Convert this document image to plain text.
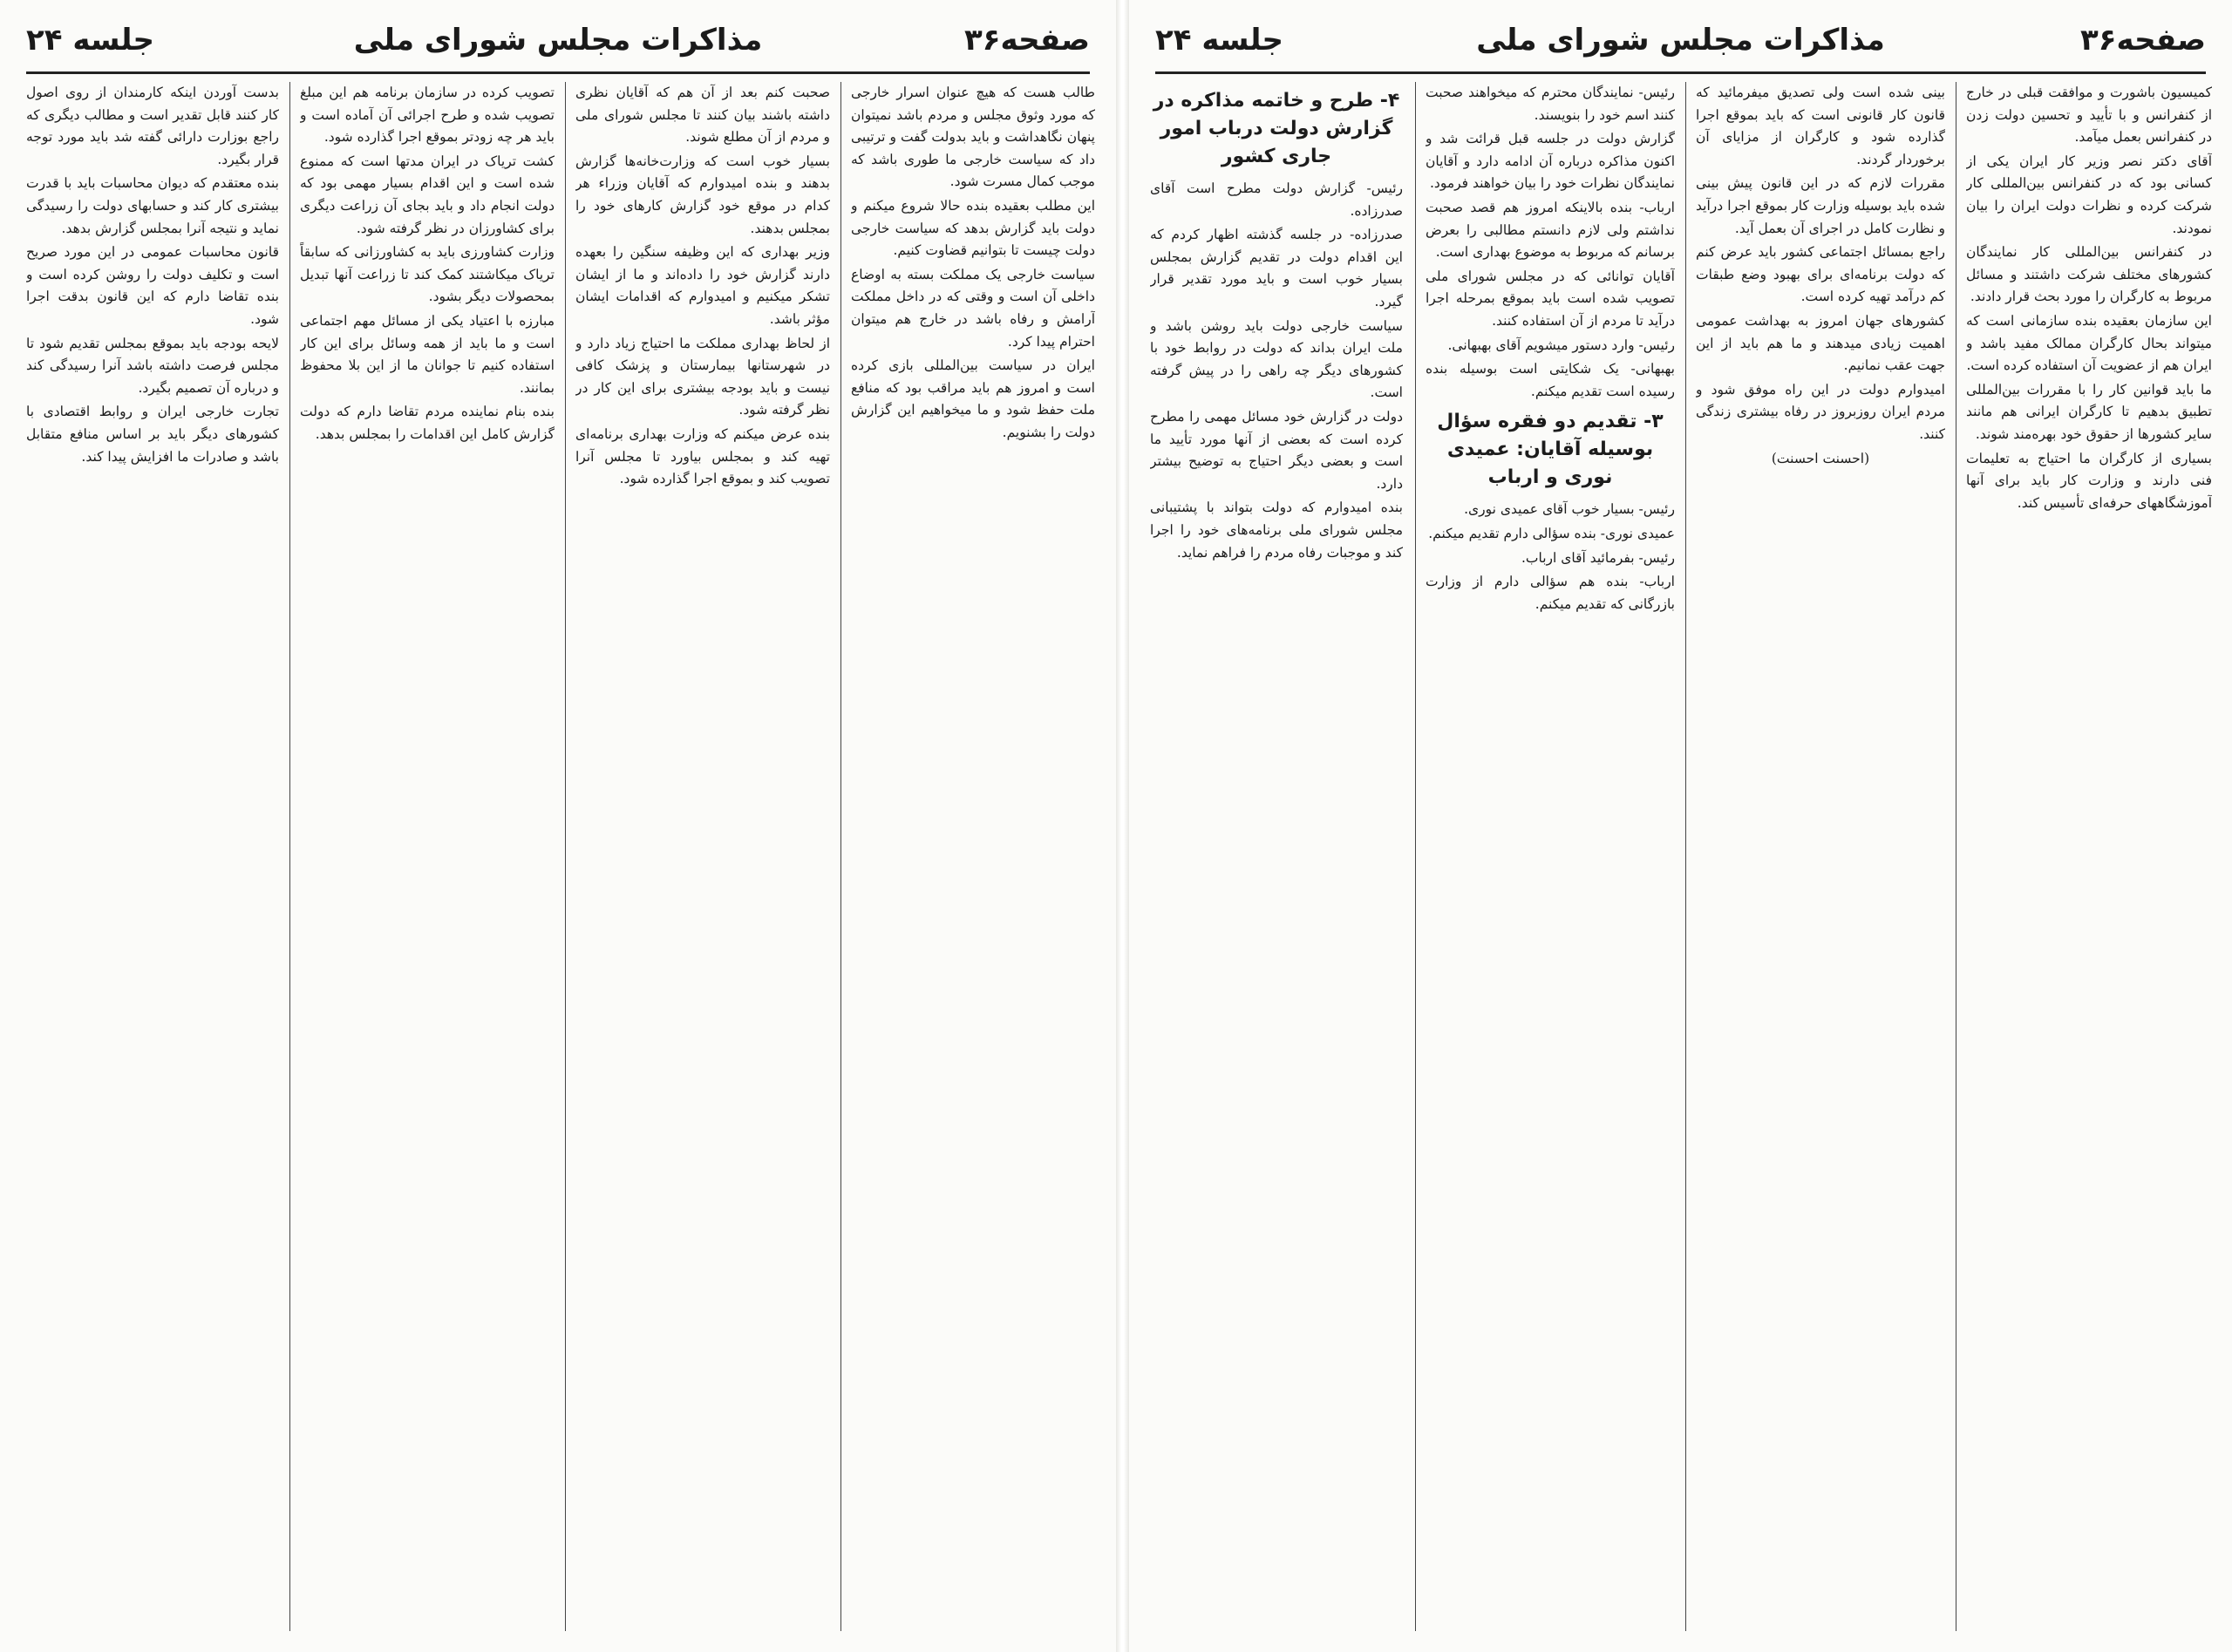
صفحه۳۶
مذاکرات مجلس شورای ملی
جلسه ۲۴

طالب هست که هیچ عنوان اسرار خارجی که مورد وثوق مجلس و مردم باشد نمیتوان پنهان نگاهداشت و باید بدولت گفت و ترتیبی داد که سیاست خارجی ما طوری باشد که موجب کمال مسرت شود.

این مطلب بعقیده بنده حالا شروع میکنم و دولت باید گزارش بدهد که سیاست خارجی دولت چیست تا بتوانیم قضاوت کنیم.

سیاست خارجی یک مملکت بسته به اوضاع داخلی آن است و وقتی که در داخل مملکت آرامش و رفاه باشد در خارج هم میتوان احترام پیدا کرد.

ایران در سیاست بین‌المللی بازی کرده است و امروز هم باید مراقب بود که منافع ملت حفظ شود و ما میخواهیم این گزارش دولت را بشنویم.

صحبت کنم بعد از آن هم که آقایان نظری داشته باشند بیان کنند تا مجلس شورای ملی و مردم از آن مطلع شوند.

بسیار خوب است که وزارت‌خانه‌ها گزارش بدهند و بنده امیدوارم که آقایان وزراء هر کدام در موقع خود گزارش کارهای خود را بمجلس بدهند.

وزیر بهداری که این وظیفه سنگین را بعهده دارند گزارش خود را داده‌اند و ما از ایشان تشکر میکنیم و امیدوارم که اقدامات ایشان مؤثر باشد.

از لحاظ بهداری مملکت ما احتیاج زیاد دارد و در شهرستانها بیمارستان و پزشک کافی نیست و باید بودجه بیشتری برای این کار در نظر گرفته شود.

بنده عرض میکنم که وزارت بهداری برنامه‌ای تهیه کند و بمجلس بیاورد تا مجلس آنرا تصویب کند و بموقع اجرا گذارده شود.

تصویب کرده در سازمان برنامه هم این مبلغ تصویب شده و طرح اجرائی آن آماده است و باید هر چه زودتر بموقع اجرا گذارده شود.

کشت تریاک در ایران مدتها است که ممنوع شده است و این اقدام بسیار مهمی بود که دولت انجام داد و باید بجای آن زراعت دیگری برای کشاورزان در نظر گرفته شود.

وزارت کشاورزی باید به کشاورزانی که سابقاً تریاک میکاشتند کمک کند تا زراعت آنها تبدیل بمحصولات دیگر بشود.

مبارزه با اعتیاد یکی از مسائل مهم اجتماعی است و ما باید از همه وسائل برای این کار استفاده کنیم تا جوانان ما از این بلا محفوظ بمانند.

بنده بنام نماینده مردم تقاضا دارم که دولت گزارش کامل این اقدامات را بمجلس بدهد.

بدست آوردن اینکه کارمندان از روی اصول کار کنند قابل تقدیر است و مطالب دیگری که راجع بوزارت دارائی گفته شد باید مورد توجه قرار بگیرد.

بنده معتقدم که دیوان محاسبات باید با قدرت بیشتری کار کند و حسابهای دولت را رسیدگی نماید و نتیجه آنرا بمجلس گزارش بدهد.

قانون محاسبات عمومی در این مورد صریح است و تکلیف دولت را روشن کرده است و بنده تقاضا دارم که این قانون بدقت اجرا شود.

لایحه بودجه باید بموقع بمجلس تقدیم شود تا مجلس فرصت داشته باشد آنرا رسیدگی کند و درباره آن تصمیم بگیرد.

تجارت خارجی ایران و روابط اقتصادی با کشورهای دیگر باید بر اساس منافع متقابل باشد و صادرات ما افزایش پیدا کند.

صفحه۳۶
مذاکرات مجلس شورای ملی
جلسه ۲۴

کمیسیون باشورت و موافقت قبلی در خارج از کنفرانس و با تأیید و تحسین دولت زدن در کنفرانس بعمل میآمد.

آقای دکتر نصر وزیر کار ایران یکی از کسانی بود که در کنفرانس بین‌المللی کار شرکت کرده و نظرات دولت ایران را بیان نمودند.

در کنفرانس بین‌المللی کار نمایندگان کشورهای مختلف شرکت داشتند و مسائل مربوط به کارگران را مورد بحث قرار دادند.

این سازمان بعقیده بنده سازمانی است که میتواند بحال کارگران ممالک مفید باشد و ایران هم از عضویت آن استفاده کرده است.

ما باید قوانین کار را با مقررات بین‌المللی تطبیق بدهیم تا کارگران ایرانی هم مانند سایر کشورها از حقوق خود بهره‌مند شوند.

بسیاری از کارگران ما احتیاج به تعلیمات فنی دارند و وزارت کار باید برای آنها آموزشگاههای حرفه‌ای تأسیس کند.

بینی شده است ولی تصدیق میفرمائید که قانون کار قانونی است که باید بموقع اجرا گذارده شود و کارگران از مزایای آن برخوردار گردند.

مقررات لازم که در این قانون پیش بینی شده باید بوسیله وزارت کار بموقع اجرا درآید و نظارت کامل در اجرای آن بعمل آید.

راجع بمسائل اجتماعی کشور باید عرض کنم که دولت برنامه‌ای برای بهبود وضع طبقات کم درآمد تهیه کرده است.

کشورهای جهان امروز به بهداشت عمومی اهمیت زیادی میدهند و ما هم باید از این جهت عقب نمانیم.

امیدوارم دولت در این راه موفق شود و مردم ایران روزبروز در رفاه بیشتری زندگی کنند.

(احسنت احسنت)

رئیس- نمایندگان محترم که میخواهند صحبت کنند اسم خود را بنویسند.

گزارش دولت در جلسه قبل قرائت شد و اکنون مذاکره درباره آن ادامه دارد و آقایان نمایندگان نظرات خود را بیان خواهند فرمود.

ارباب- بنده بالاینکه امروز هم قصد صحبت نداشتم ولی لازم دانستم مطالبی را بعرض برسانم که مربوط به موضوع بهداری است.

آقایان توانائی که در مجلس شورای ملی تصویب شده است باید بموقع بمرحله اجرا درآید تا مردم از آن استفاده کنند.

رئیس- وارد دستور میشویم آقای بهبهانی.

بهبهانی- یک شکایتی است بوسیله بنده رسیده است تقدیم میکنم.

۳- تقدیم دو فقره سؤال بوسیله آقایان: عمیدی نوری و ارباب

رئیس- بسیار خوب آقای عمیدی نوری.

عمیدی نوری- بنده سؤالی دارم تقدیم میکنم.

رئیس- بفرمائید آقای ارباب.

ارباب- بنده هم سؤالی دارم از وزارت بازرگانی که تقدیم میکنم.

۴- طرح و خاتمه مذاکره در گزارش دولت درباب امور جاری کشور

رئیس- گزارش دولت مطرح است آقای صدرزاده.

صدرزاده- در جلسه گذشته اظهار کردم که این اقدام دولت در تقدیم گزارش بمجلس بسیار خوب است و باید مورد تقدیر قرار گیرد.

سیاست خارجی دولت باید روشن باشد و ملت ایران بداند که دولت در روابط خود با کشورهای دیگر چه راهی را در پیش گرفته است.

دولت در گزارش خود مسائل مهمی را مطرح کرده است که بعضی از آنها مورد تأیید ما است و بعضی دیگر احتیاج به توضیح بیشتر دارد.

بنده امیدوارم که دولت بتواند با پشتیبانی مجلس شورای ملی برنامه‌های خود را اجرا کند و موجبات رفاه مردم را فراهم نماید.
